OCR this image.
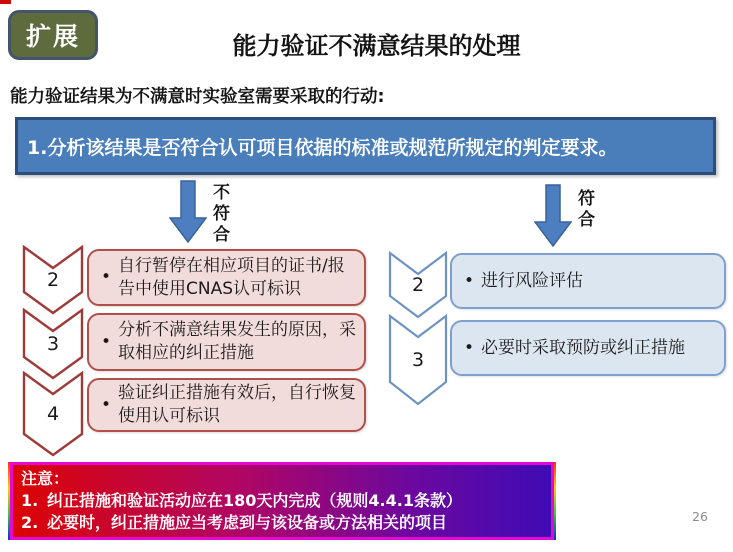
扩展	能力验证不满意结果的处理
能力验证结果为不满意时实验室需要采取的行动:
1.分析该结果是否符合认可项目依据的标准或规范所规定的判定要求。
不符合	符合
2
3
4
•
自行暂停在相应项目的证书/报告中使用CNAS认可标识
•
分析不满意结果发生的原因，采取相应的纠正措施
•
验证纠正措施有效后，自行恢复使用认可标识
2
3
• 进行风险评估
• 必要时采取预防或纠正措施
注意：
1. 纠正措施和验证活动应在180天内完成（规则4.4.1条款）
2. 必要时，纠正措施应当考虑到与该设备或方法相关的项目	26
